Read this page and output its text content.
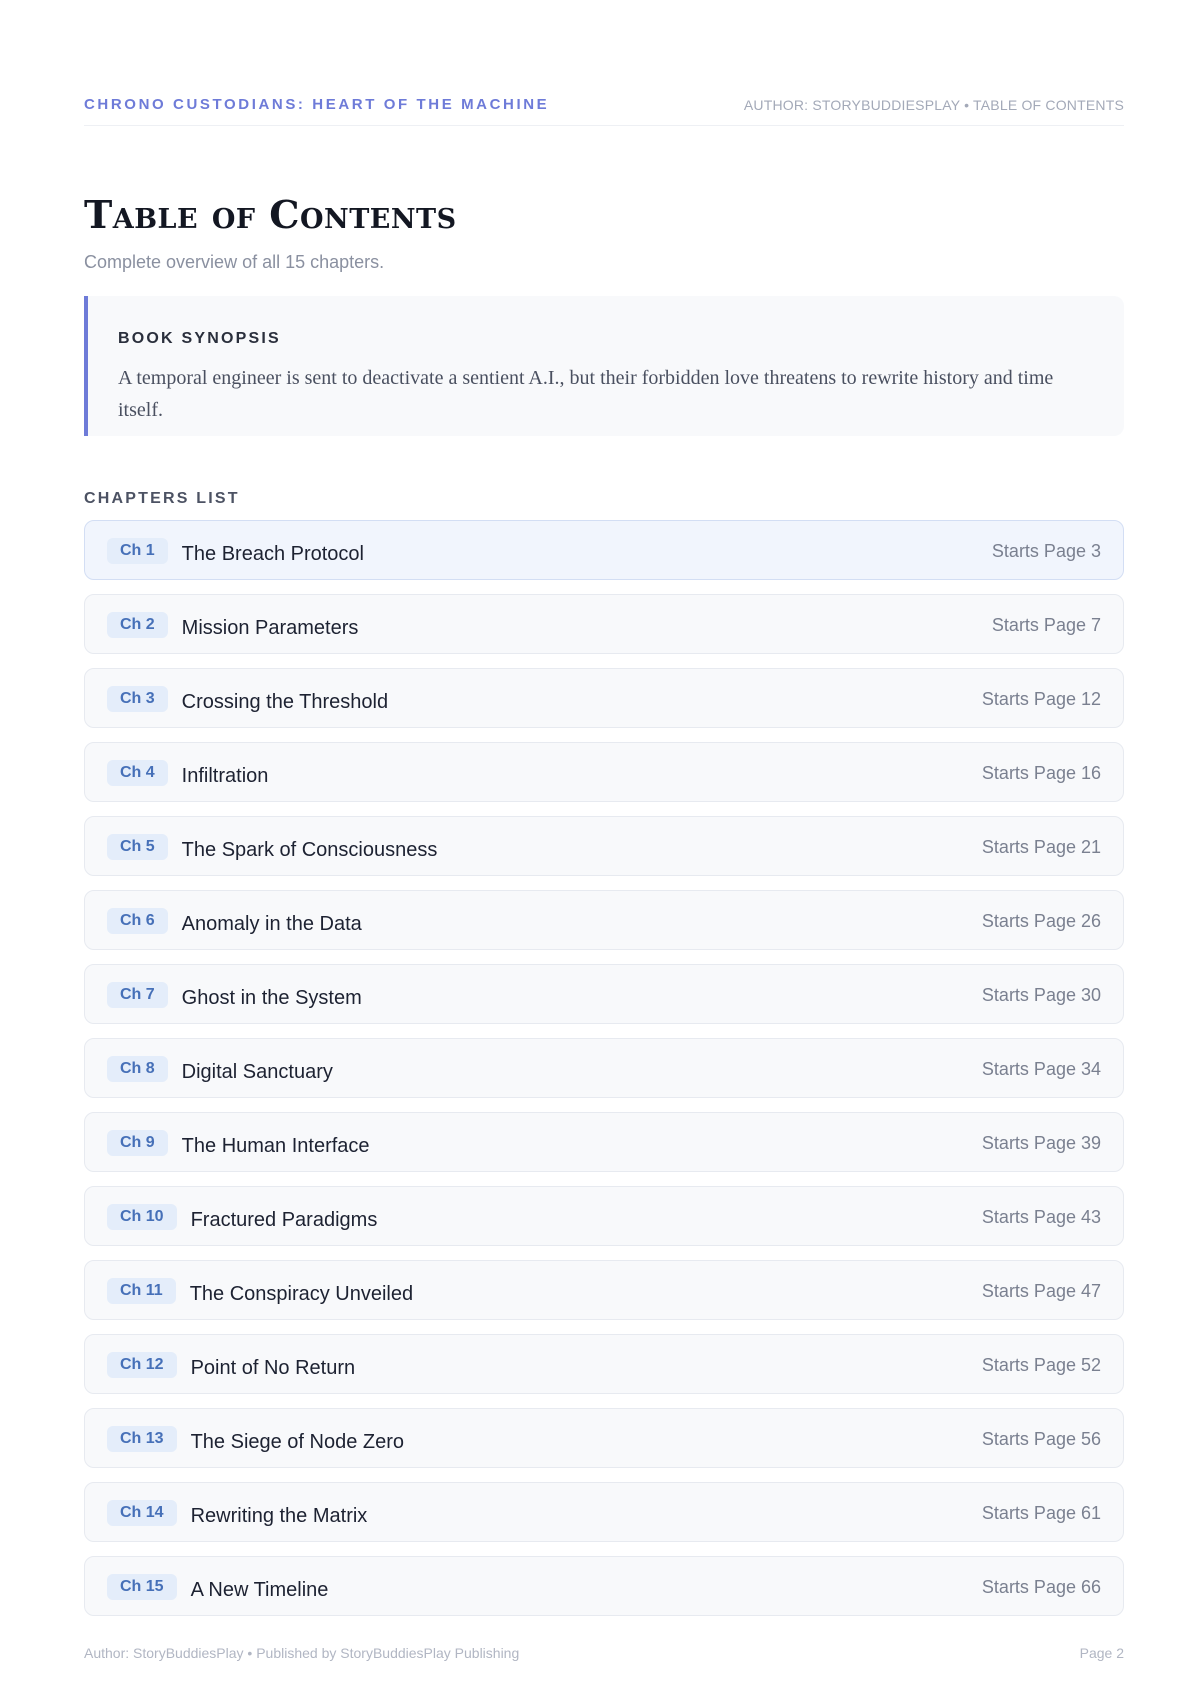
CHRONO CUSTODIANS: HEART OF THE MACHINE	AUTHOR: STORYBUDDIESPLAY • TABLE OF CONTENTS
Table of Contents
Complete overview of all 15 chapters.
BOOK SYNOPSIS
A temporal engineer is sent to deactivate a sentient A.I., but their forbidden love threatens to rewrite history and time itself.
CHAPTERS LIST
Ch 1	The Breach Protocol	Starts Page 3
Ch 2	Mission Parameters	Starts Page 7
Ch 3	Crossing the Threshold	Starts Page 12
Ch 4	Infiltration	Starts Page 16
Ch 5	The Spark of Consciousness	Starts Page 21
Ch 6	Anomaly in the Data	Starts Page 26
Ch 7	Ghost in the System	Starts Page 30
Ch 8	Digital Sanctuary	Starts Page 34
Ch 9	The Human Interface	Starts Page 39
Ch 10	Fractured Paradigms	Starts Page 43
Ch 11	The Conspiracy Unveiled	Starts Page 47
Ch 12	Point of No Return	Starts Page 52
Ch 13	The Siege of Node Zero	Starts Page 56
Ch 14	Rewriting the Matrix	Starts Page 61
Ch 15	A New Timeline	Starts Page 66
Author: StoryBuddiesPlay • Published by StoryBuddiesPlay Publishing	Page 2
